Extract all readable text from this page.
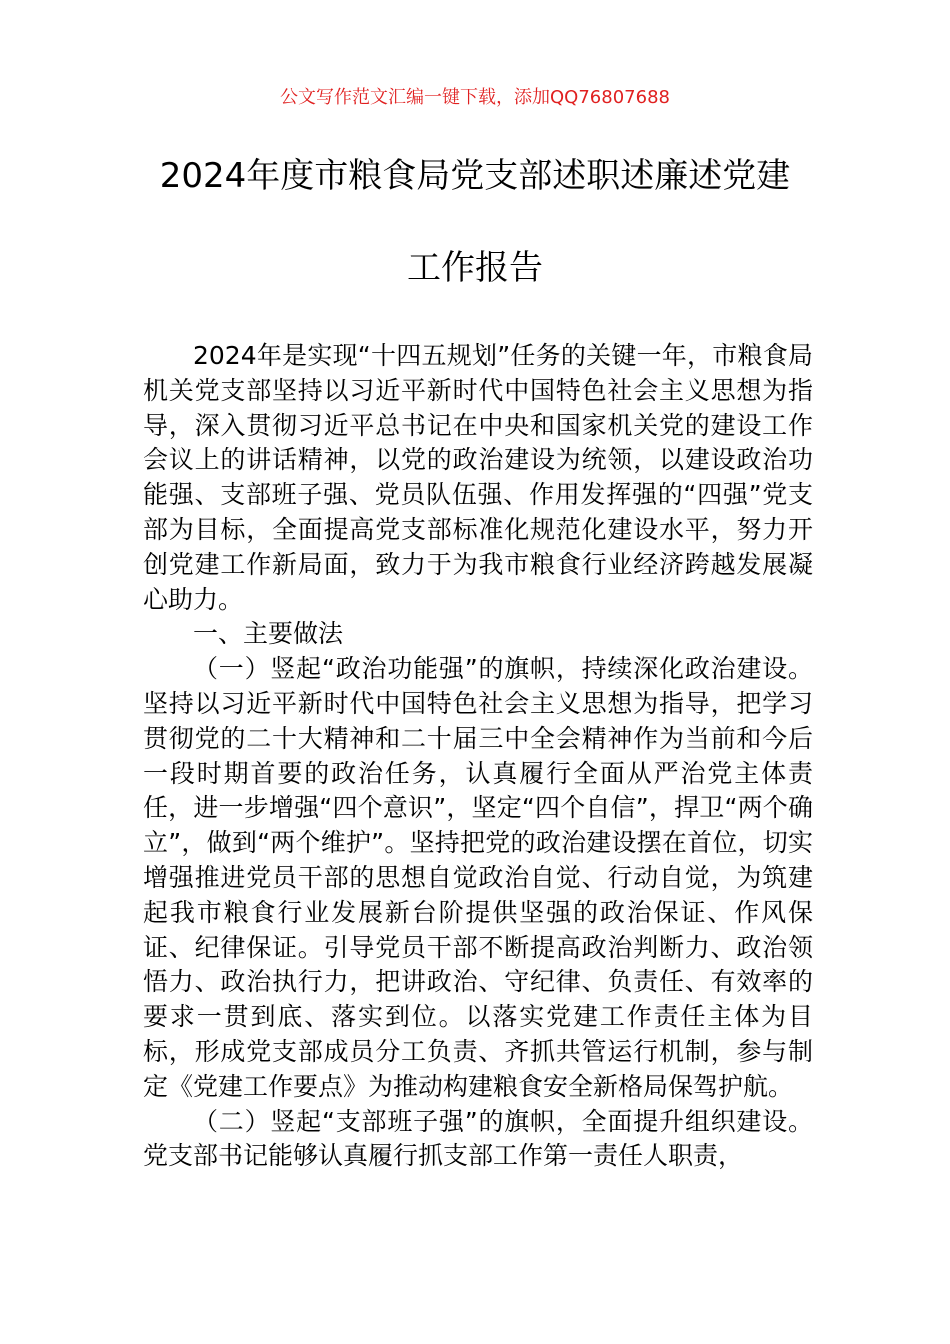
公文写作范文汇编一键下载，添加QQ76807688
2024年度市粮食局党支部述职述廉述党建
工作报告

2024年是实现“十四五规划”任务的关键一年，市粮食局机关党支部坚持以习近平新时代中国特色社会主义思想为指导，深入贯彻习近平总书记在中央和国家机关党的建设工作会议上的讲话精神，以党的政治建设为统领，以建设政治功能强、支部班子强、党员队伍强、作用发挥强的“四强”党支部为目标，全面提高党支部标准化规范化建设水平，努力开创党建工作新局面，致力于为我市粮食行业经济跨越发展凝心助力。

一、主要做法

（一）竖起“政治功能强”的旗帜，持续深化政治建设。坚持以习近平新时代中国特色社会主义思想为指导，把学习贯彻党的二十大精神和二十届三中全会精神作为当前和今后一段时期首要的政治任务，认真履行全面从严治党主体责任，进一步增强“四个意识”，坚定“四个自信”，捍卫“两个确立”，做到“两个维护”。坚持把党的政治建设摆在首位，切实增强推进党员干部的思想自觉政治自觉、行动自觉，为筑建起我市粮食行业发展新台阶提供坚强的政治保证、作风保证、纪律保证。引导党员干部不断提高政治判断力、政治领悟力、政治执行力，把讲政治、守纪律、负责任、有效率的要求一贯到底、落实到位。以落实党建工作责任主体为目标，形成党支部成员分工负责、齐抓共管运行机制，参与制定《党建工作要点》为推动构建粮食安全新格局保驾护航。

（二）竖起“支部班子强”的旗帜，全面提升组织建设。党支部书记能够认真履行抓支部工作第一责任人职责，
